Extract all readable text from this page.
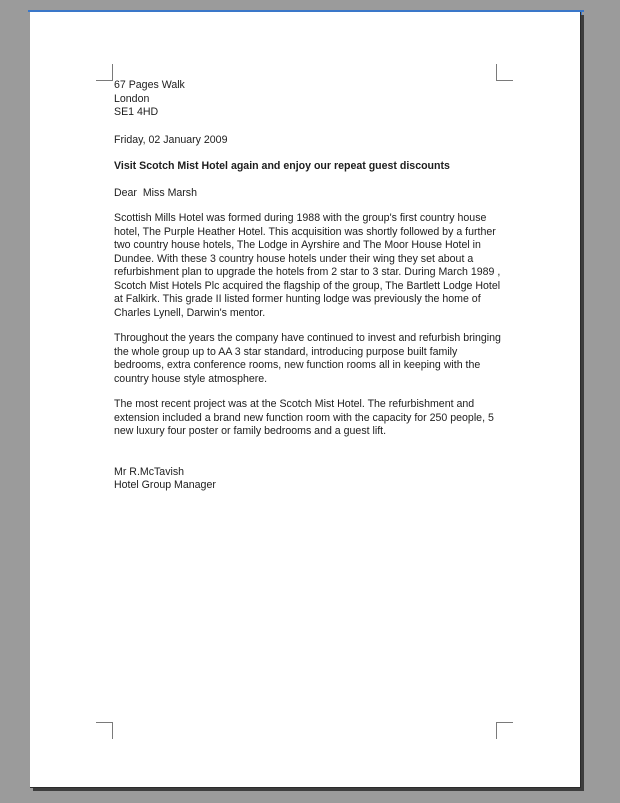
67 Pages Walk

London

SE1 4HD

Friday, 02 January 2009

Visit Scotch Mist Hotel again and enjoy our repeat guest discounts

Dear  Miss Marsh

Scottish Mills Hotel was formed during 1988 with the group's first country house hotel, The Purple Heather Hotel. This acquisition was shortly followed by a further two country house hotels, The Lodge in Ayrshire and The Moor House Hotel in Dundee. With these 3 country house hotels under their wing they set about a refurbishment plan to upgrade the hotels from 2 star to 3 star. During March 1989 , Scotch Mist Hotels Plc acquired the flagship of the group, The Bartlett Lodge Hotel at Falkirk. This grade II listed former hunting lodge was previously the home of Charles Lynell, Darwin's mentor.

Throughout the years the company have continued to invest and refurbish bringing the whole group up to AA 3 star standard, introducing purpose built family bedrooms, extra conference rooms, new function rooms all in keeping with the country house style atmosphere.

The most recent project was at the Scotch Mist Hotel. The refurbishment and extension included a brand new function room with the capacity for 250 people, 5 new luxury four poster or family bedrooms and a guest lift.

Mr R.McTavish

Hotel Group Manager
